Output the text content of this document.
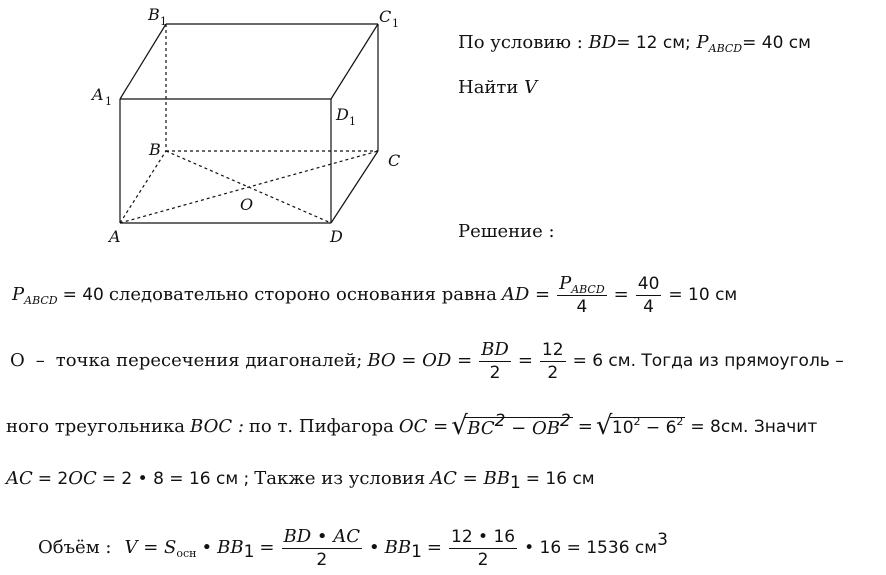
B 1	C 1
A 1
D 1
B
C
O
A	D
По условию : BD= 12 см; $P_{ABCD}= 40$ см
Найти V
Решение :
$P_{ABCD} = 40$ следовательно стороно основания равна AD = $\frac{P_{ABCD}}{4} = \frac{40}{4} = 10$ см
О – точка пересечения диагоналей; BO = OD = $\frac{BD}{2} = \frac{12}{2} = 6$ см. Тогда из прямоуголь –
ного треугольника BOC : по т. Пифагора OC =	√ $BC^2 - OB^2$ =	√ $10^2 - 6^2 = 8см$. Значит
AC = 2 OC = 2 • 8 = 16 см ; Также из условия AC = $BB_1 = 16$ см
Объём : $V = S_{осн}$ • $BB_1 = \frac{BD • AC}{2}$ • $BB_1 = \frac{12 • 16}{2}$ • 16 = 1536 $см^3$
